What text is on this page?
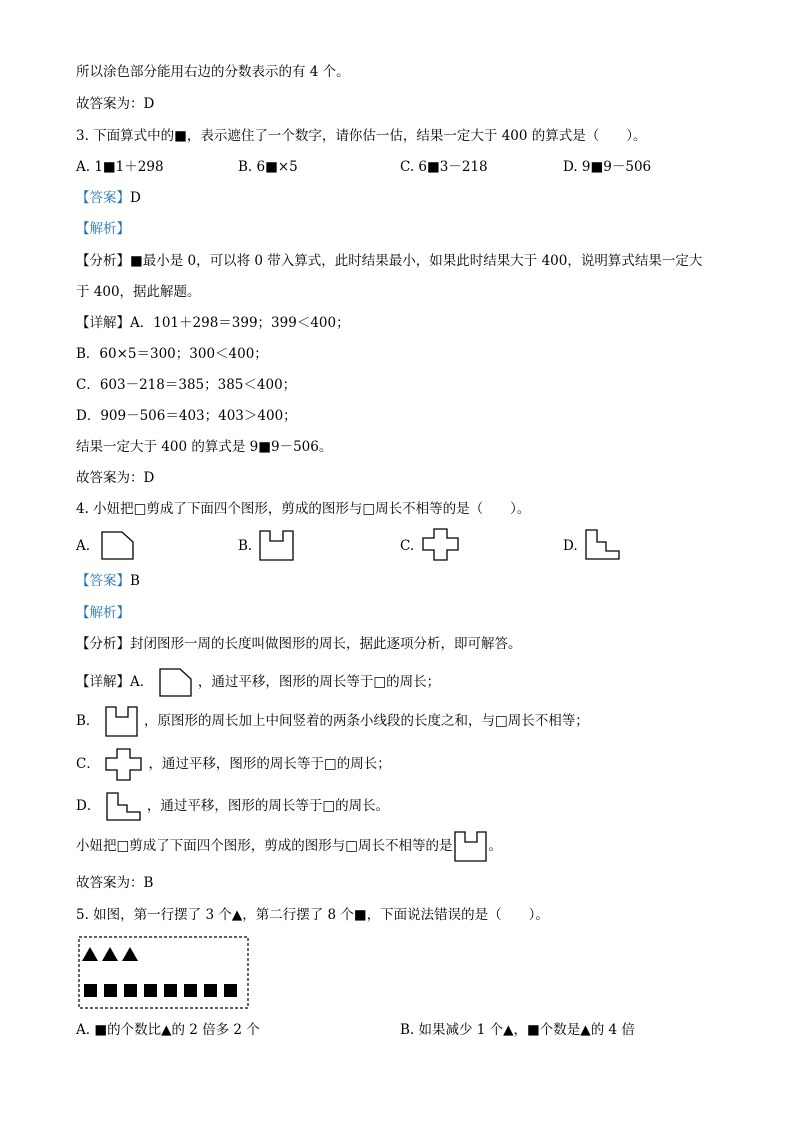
所以涂色部分能用右边的分数表示的有 4 个。
故答案为：D
3. 下面算式中的■，表示遮住了一个数字，请你估一估，结果一定大于 400 的算式是（　　）。
A. 1■1＋298	B. 6■×5	C. 6■3－218	D. 9■9－506
【答案】D
【解析】
【分析】■最小是 0，可以将 0 带入算式，此时结果最小，如果此时结果大于 400，说明算式结果一定大
于 400，据此解题。
【详解】A．101＋298＝399；399＜400；
B．60×5＝300；300＜400；
C．603－218＝385；385＜400；
D．909－506＝403；403＞400；
结果一定大于 400 的算式是 9■9－506。
故答案为：D
4. 小妞把□剪成了下面四个图形，剪成的图形与□周长不相等的是（　　）。
A.	B.	C.	D.
【答案】B
【解析】
【分析】封闭图形一周的长度叫做图形的周长，据此逐项分析，即可解答。
【详解】A．	，通过平移，图形的周长等于□的周长；
B．	，原图形的周长加上中间竖着的两条小线段的长度之和，与□周长不相等；
C．	，通过平移，图形的周长等于□的周长；
D．	，通过平移，图形的周长等于□的周长。
小妞把□剪成了下面四个图形，剪成的图形与□周长不相等的是	。
故答案为：B
5. 如图，第一行摆了 3 个▲，第二行摆了 8 个■，下面说法错误的是（　　）。
A. ■的个数比▲的 2 倍多 2 个	B. 如果减少 1 个▲，■个数是▲的 4 倍
